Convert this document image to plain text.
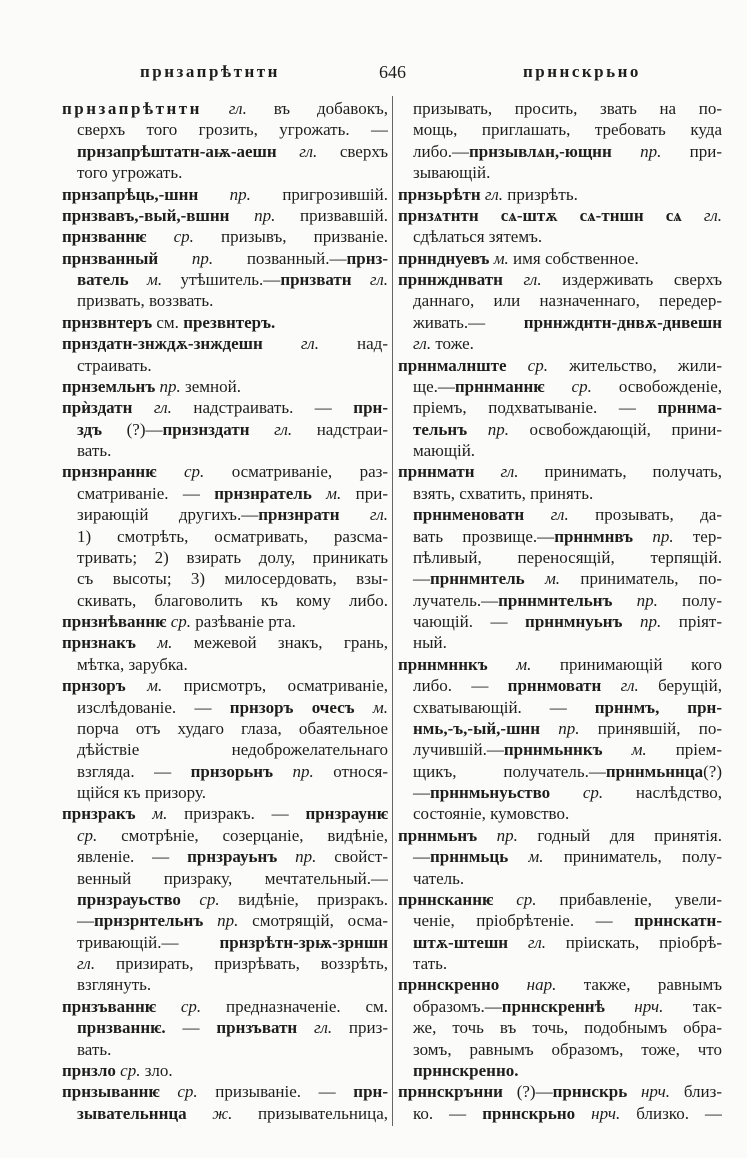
прнзапрѣтнтн	646	прннскрьно
прнзапрѣтнтн гл. въ добавокъ,
сверхъ того грозить, угрожать. —
прнзапрѣштатн-аѭ-аешн гл. сверхъ
того угрожать.
прнзапрѣць,-шнн пр. пригрозившій.
прнзвавъ,-вый,-вшнн пр. призвавшій.
прнзваннѥ ср. призывъ, призваніе.
прнзванный пр. позванный.—прнз-
ватель м. утѣшитель.—прнзватн гл.
призвать, воззвать.
прнзвнтеръ см. презвнтеръ.
прнздатн-знждѫ-знждешн гл. над-
страивать.
прнземльнъ пр. земной.
прѝздатн гл. надстраивать. — прн-
здъ (?)—прнзнздатн гл. надстраи-
вать.
прнзнраннѥ ср. осматриваніе, раз-
сматриваніе. — прнзнратель м. при-
зирающій другихъ.—прнзнратн гл.
1) смотрѣть, осматривать, разсма-
тривать; 2) взирать долу, приникать
съ высоты; 3) милосердовать, взы-
скивать, благоволить къ кому либо.
прнзнѣваннѥ ср. разѣваніе рта.
прнзнакъ м. межевой знакъ, грань,
мѣтка, зарубка.
прнзоръ м. присмотръ, осматриваніе,
изслѣдованіе. — прнзоръ очесъ м.
порча отъ худаго глаза, обаятельное
дѣйствіе недоброжелательнаго
взгляда. — прнзорьнъ пр. относя-
щійся къ призору.
прнзракъ м. призракъ. — прнзраунѥ
ср. смотрѣніе, созерцаніе, видѣніе,
явленіе. — прнзрауьнъ пр. свойст-
венный призраку, мечтательный.—
прнзрауьство ср. видѣніе, призракъ.
—прнзрнтельнъ пр. смотрящій, осма-
тривающій.— прнзрѣтн-зрѭ-зрншн
гл. призирать, призрѣвать, воззрѣть,
взглянуть.
прнзъваннѥ ср. предназначеніе. см.
прнзваннѥ. — прнзъватн гл. приз-
вать.
прнзло ср. зло.
прнзываннѥ ср. призываніе. — прн-
зывательннца ж. призывательница,
призывать, просить, звать на по-
мощь, приглашать, требовать куда
либо.—прнзывлѧн,-ющнн пр. при-
зывающій.
прнзьрѣтн гл. призрѣть.
прнзѧтнтн сѧ-штѫ сѧ-тншн сѧ гл.
сдѣлаться зятемъ.
прннднуевъ м. имя собственное.
прннжднватн гл. издерживать сверхъ
даннаго, или назначеннаго, передер-
живать.— прннжднтн-днвѫ-днвешн
гл. тоже.
прннмалнште ср. жительство, жили-
ще.—прннманнѥ ср. освобожденіе,
пріемъ, подхватываніе. — прннма-
тельнъ пр. освобождающій, прини-
мающій.
прннматн гл. принимать, получать,
взять, схватить, принять.
прннменоватн гл. прозывать, да-
вать прозвище.—прннмнвъ пр. тер-
пѣливый, переносящій, терпящій.
—прннмнтель м. приниматель, по-
лучатель.—прннмнтельнъ пр. полу-
чающій. — прннмнуьнъ пр. пріят-
ный.
прннмннкъ м. принимающій кого
либо. — прннмоватн гл. берущій,
схватывающій. — прннмъ, прн-
нмь,-ъ,-ый,-шнн пр. принявшій, по-
лучившій.—прннмьннкъ м. пріем-
щикъ, получатель.—прннмьннца(?)
—прннмьнуьство ср. наслѣдство,
состояніе, кумовство.
прннмьнъ пр. годный для принятія.
—прннмьць м. приниматель, полу-
чатель.
прннсканнѥ ср. прибавленіе, увели-
ченіе, пріобрѣтеніе. — прннскатн-
штѫ-штешн гл. пріискать, пріобрѣ-
тать.
прннскренно нар. также, равнымъ
образомъ.—прннскреннѣ нрч. так-
же, точь въ точь, подобнымъ обра-
зомъ, равнымъ образомъ, тоже, что
прннскренно.
прннскрънни (?)—прннскрь нрч. близ-
ко. — прннскрьно нрч. близко. —
